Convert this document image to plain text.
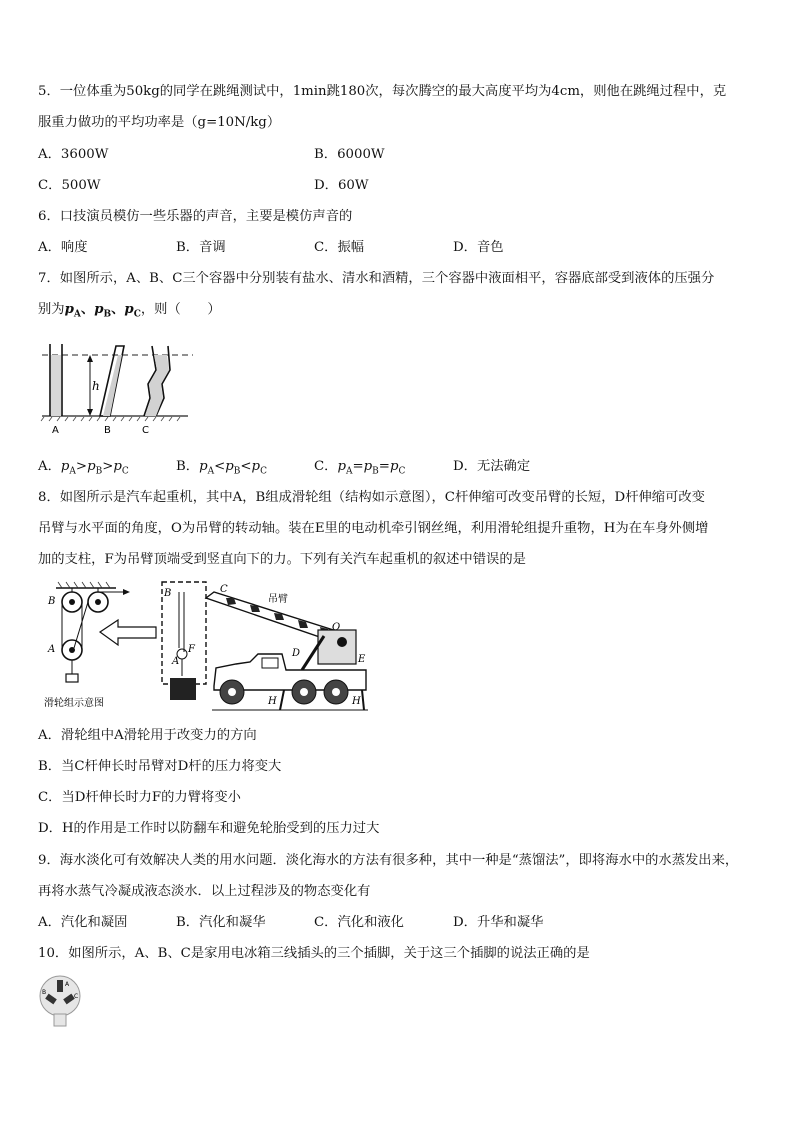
5．一位体重为50kg的同学在跳绳测试中，1min跳180次，每次腾空的最大高度平均为4cm，则他在跳绳过程中，克
服重力做功的平均功率是（g=10N/kg）
A．3600W	B．6000W
C．500W	D．60W
6．口技演员模仿一些乐器的声音，主要是模仿声音的
A．响度	B．音调	C．振幅	D．音色
7．如图所示，A、B、C三个容器中分别装有盐水、清水和酒精，三个容器中液面相平，容器底部受到液体的压强分
别为$p_A$、$p_B$、$p_C$，则（　　）
A	B	C
h
A．$p_A>p_B>p_C$	B．$p_A<p_B<p_C$	C．$p_A=p_B=p_C$	D．无法确定
8．如图所示是汽车起重机，其中A，B组成滑轮组（结构如示意图），C杆伸缩可改变吊臂的长短，D杆伸缩可改变
吊臂与水平面的角度，O为吊臂的转动轴。装在E里的电动机牵引钢丝绳，利用滑轮组提升重物，H为在车身外侧增
加的支柱，F为吊臂顶端受到竖直向下的力。下列有关汽车起重机的叙述中错误的是
B
A
滑轮组示意图
B
A
F
C
吊臂
O
E
D
H	H
A．滑轮组中A滑轮用于改变力的方向
B．当C杆伸长时吊臂对D杆的压力将变大
C．当D杆伸长时力F的力臂将变小
D．H的作用是工作时以防翻车和避免轮胎受到的压力过大
9．海水淡化可有效解决人类的用水问题．淡化海水的方法有很多种，其中一种是“蒸馏法”，即将海水中的水蒸发出来，
再将水蒸气冷凝成液态淡水．以上过程涉及的物态变化有
A．汽化和凝固	B．汽化和凝华	C．汽化和液化	D．升华和凝华
10．如图所示，A、B、C是家用电冰箱三线插头的三个插脚，关于这三个插脚的说法正确的是
A
C
B
